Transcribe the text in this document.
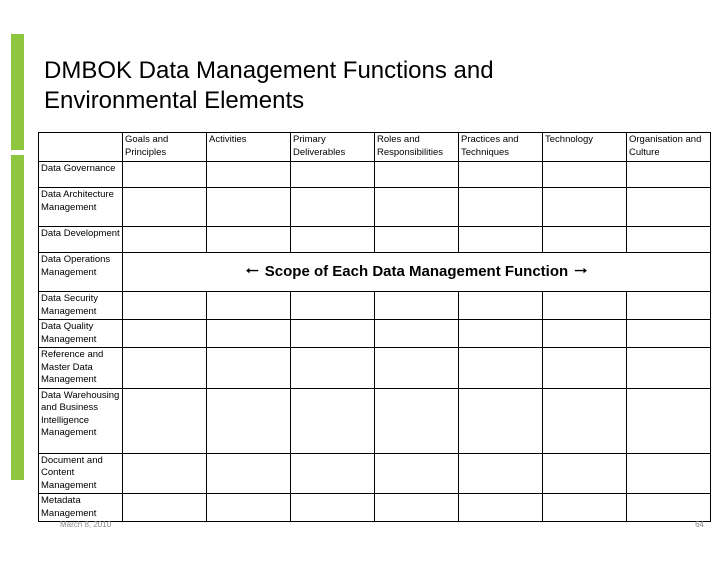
DMBOK Data Management Functions and
Environmental Elements
	Goals and Principles	Activities	Primary Deliverables	Roles and Responsibilities	Practices and Techniques	Technology	Organisation and Culture
Data Governance							
Data Architecture Management							
Data Development							
Data Operations Management	🠀 Scope of Each Data Management Function 🠂						

Data Security Management							
Data Quality Management							
Reference and Master Data Management							
Data Warehousing and Business Intelligence Management							
Document and Content Management							
Metadata Management							
March 8, 2010	64
